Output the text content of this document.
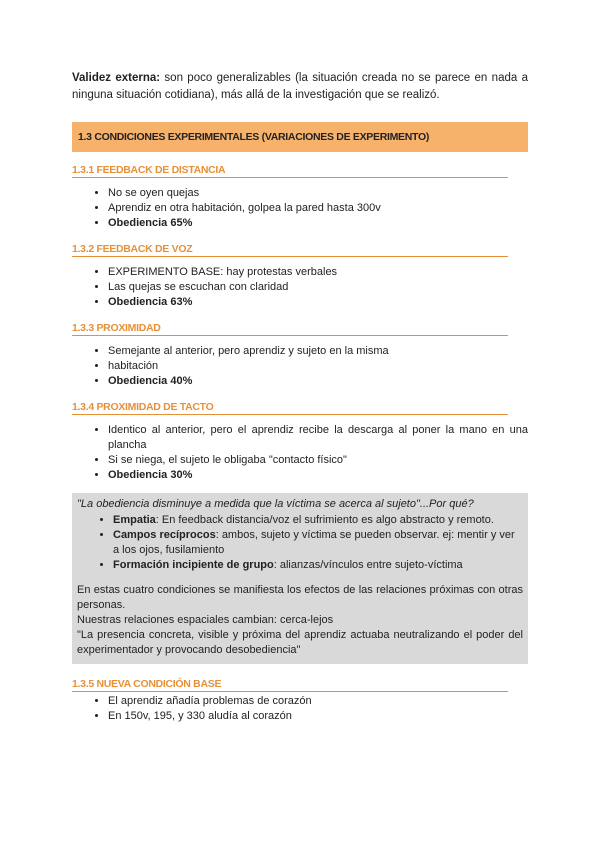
Validez externa: son poco generalizables (la situación creada no se parece en nada a ninguna situación cotidiana), más allá de la investigación que se realizó.

1.3 CONDICIONES EXPERIMENTALES (VARIACIONES DE EXPERIMENTO)
1.3.1 FEEDBACK DE DISTANCIA
• No se oyen quejas
• Aprendiz en otra habitación, golpea la pared hasta 300v
• Obediencia 65%
1.3.2 FEEDBACK DE VOZ
• EXPERIMENTO BASE: hay protestas verbales
• Las quejas se escuchan con claridad
• Obediencia 63%
1.3.3 PROXIMIDAD
• Semejante al anterior, pero aprendiz y sujeto en la misma
• habitación
• Obediencia 40%
1.3.4 PROXIMIDAD DE TACTO
• Identico al anterior, pero el aprendiz recibe la descarga al poner la mano en una plancha
• Si se niega, el sujeto le obligaba "contacto físico"
• Obediencia 30%

"La obediencia disminuye a medida que la víctima se acerca al sujeto"...Por qué?

• Empatia: En feedback distancia/voz el sufrimiento es algo abstracto y remoto.
• Campos recíprocos: ambos, sujeto y víctima se pueden observar. ej: mentir y ver a los ojos, fusilamiento
• Formación incipiente de grupo: alianzas/vínculos entre sujeto-víctima

En estas cuatro condiciones se manifiesta los efectos de las relaciones próximas con otras personas.

Nuestras relaciones espaciales cambian: cerca-lejos

"La presencia concreta, visible y próxima del aprendiz actuaba neutralizando el poder del experimentador y provocando desobediencia"

1.3.5 NUEVA CONDICIÓN BASE
• El aprendiz añadía problemas de corazón
• En 150v, 195, y 330 aludía al corazón
